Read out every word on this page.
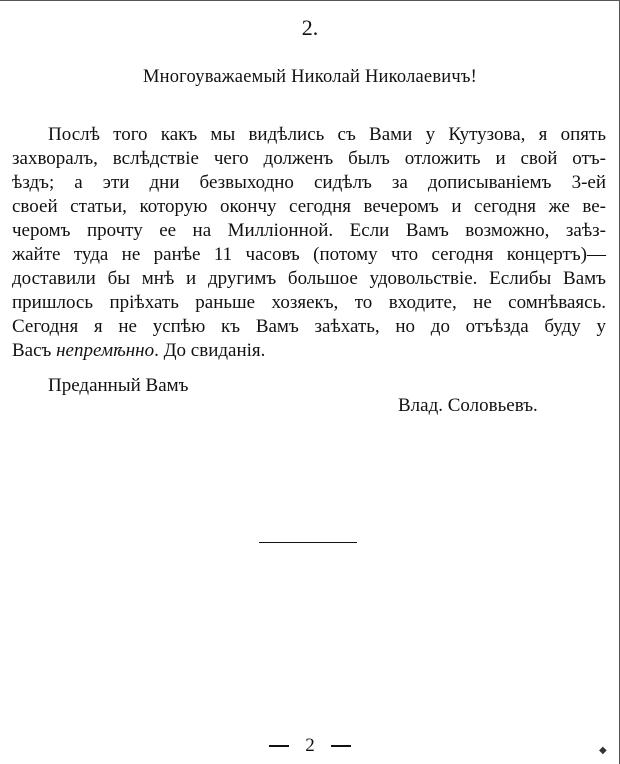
2.
Многоуважаемый Николай Николаевичъ!
Послѣ того какъ мы видѣлись съ Вами у Кутузова, я опять
захворалъ, вслѣдствіе чего долженъ былъ отложить и свой отъ-
ѣздъ; а эти дни безвыходно сидѣлъ за дописываніемъ 3-ей
своей статьи, которую окончу сегодня вечеромъ и сегодня же ве-
черомъ прочту ее на Милліонной. Если Вамъ возможно, заѣз-
жайте туда не ранѣе 11 часовъ (потому что сегодня концертъ)—
доставили бы мнѣ и другимъ большое удовольствіе. Еслибы Вамъ
пришлось пріѣхать раньше хозяекъ, то входите, не сомнѣваясь.
Сегодня я не успѣю къ Вамъ заѣхать, но до отъѣзда буду у
Васъ непремѣнно. До свиданія.
Преданный Вамъ
Влад. Соловьевъ.
2	◆
